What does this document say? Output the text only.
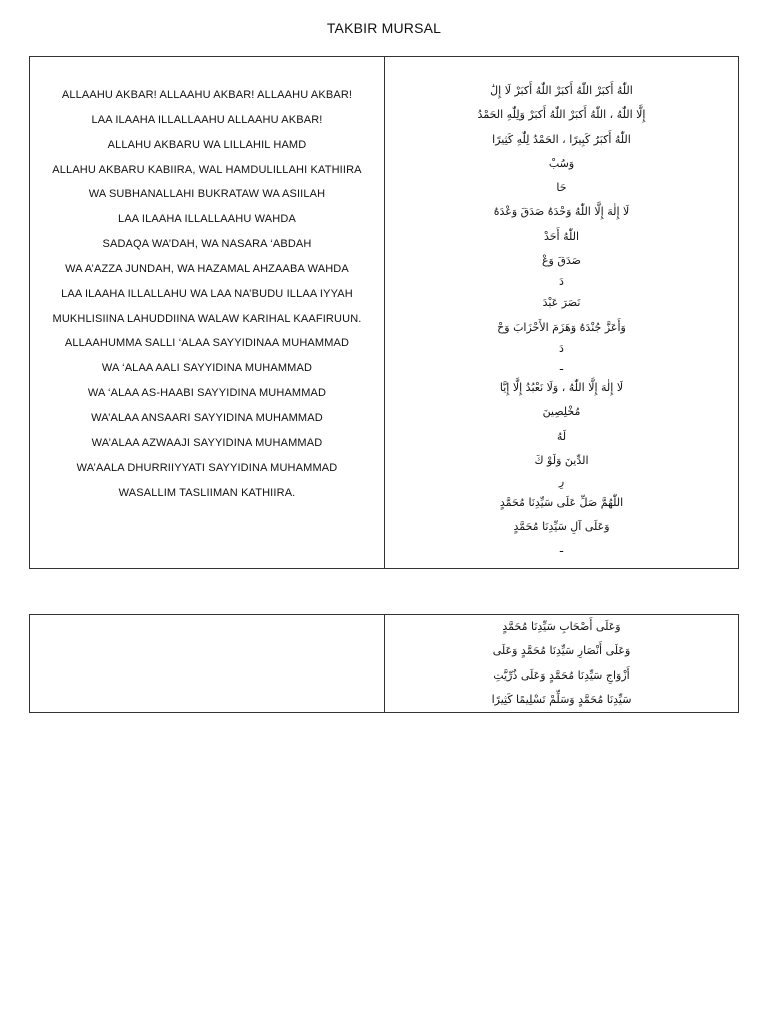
TAKBIR MURSAL
ALLAAHU AKBAR! ALLAAHU AKBAR! ALLAAHU AKBAR!
LAA ILAAHA ILLALLAAHU ALLAAHU AKBAR!
ALLAHU AKBARU WA LILLAHIL HAMD
ALLAHU AKBARU KABIIRA, WAL HAMDULILLAHI KATHIIRA
WA SUBHANALLAHI BUKRATAW WA ASIILAH
LAA ILAAHA ILLALLAAHU WAHDA
SADAQA WA’DAH, WA NASARA ‘ABDAH
WA A’AZZA JUNDAH, WA HAZAMAL AHZAABA WAHDA
LAA ILAAHA ILLALLAHU WA LAA NA’BUDU ILLAA IYYAH
MUKHLISIINA LAHUDDIINA WALAW KARIHAL KAAFIRUUN.
ALLAAHUMMA SALLI ‘ALAA SAYYIDINAA MUHAMMAD
WA ‘ALAA AALI SAYYIDINA MUHAMMAD
WA ‘ALAA AS-HAABI SAYYIDINA MUHAMMAD
WA’ALAA ANSAARI SAYYIDINA MUHAMMAD
WA’ALAA AZWAAJI SAYYIDINA MUHAMMAD
WA’AALA DHURRIIYYATI SAYYIDINA MUHAMMAD
WASALLIM TASLIIMAN KATHIIRA.
اللّٰهُ أَكبَرْ اللّٰهُ أَكبَرْ اللّٰهُ أَكبَرْ لَا إِلَٰ
إِلَّا اللّٰهُ ، اللّٰهُ أَكبَرْ اللّٰهُ أَكبَرْ وَلِلّٰهِ الحَمْدُ
اللّٰهُ أَكبَرُ كَبِيرًا ، الحَمْدُ لِلّٰهِ كَثِيرًا
وَسُبْ
حَا
لَا إِلٰهَ إِلَّا اللّٰهُ وَحْدَهُ صَدَقَ وَعْدَهُ
اللّٰهُ أَحَدْ
صَدَقَ وَعْ
دَ
نَصَرَ عَبْدَ
وَأَعَزَّ جُنْدَهُ وَهَزَمَ الأَحْزَابَ وَحْ
دَ
ـ
لَا إِلٰهَ إِلَّا اللّٰهُ ، وَلَا نَعْبُدُ إِلَّا إِيَّا
مُخْلِصِينَ
لَهُ
الدِّينَ وَلَوْ كَ
رِ
اللّٰهُمَّ صَلِّ عَلَى سَيِّدِنَا مُحَمَّدٍ
وَعَلَى آلِ سَيِّدِنَا مُحَمَّدٍ
ـ
وَعَلَى أَصْحَابِ سَيِّدِنَا مُحَمَّدٍ
وَعَلَى أَنْصَارِ سَيِّدِنَا مُحَمَّدٍ وَعَلَى
أَزْوَاجِ سَيِّدِنَا مُحَمَّدٍ وَعَلَى ذُرِّيَّتِ
سَيِّدِنَا مُحَمَّدٍ وَسَلِّمْ تَسْلِيمًا كَثِيرًا
